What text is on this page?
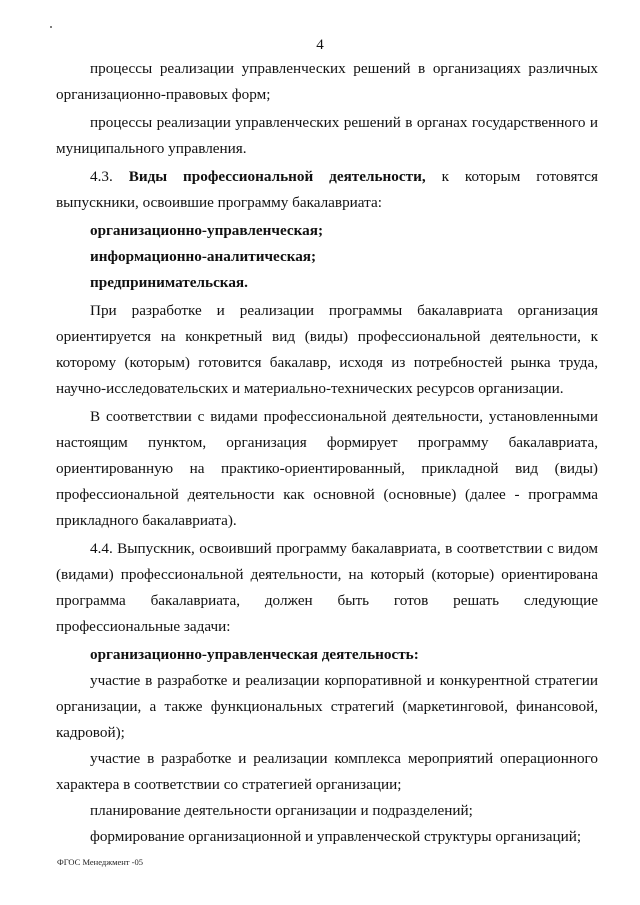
4

процессы реализации управленческих решений в организациях различных организационно-правовых форм;

процессы реализации управленческих решений в органах государственного и муниципального управления.

4.3. Виды профессиональной деятельности, к которым готовятся выпускники, освоившие программу бакалавриата:

организационно-управленческая;

информационно-аналитическая;

предпринимательская.

При разработке и реализации программы бакалавриата организация ориентируется на конкретный вид (виды) профессиональной деятельности, к которому (которым) готовится бакалавр, исходя из потребностей рынка труда, научно-исследовательских и материально-технических ресурсов организации.

В соответствии с видами профессиональной деятельности, установленными настоящим пунктом, организация формирует программу бакалавриата, ориентированную на практико-ориентированный, прикладной вид (виды) профессиональной деятельности как основной (основные) (далее - программа прикладного бакалавриата).

4.4. Выпускник, освоивший программу бакалавриата, в соответствии с видом (видами) профессиональной деятельности, на который (которые) ориентирована программа бакалавриата, должен быть готов решать следующие профессиональные задачи:

организационно-управленческая деятельность:

участие в разработке и реализации корпоративной и конкурентной стратегии организации, а также функциональных стратегий (маркетинговой, финансовой, кадровой);

участие в разработке и реализации комплекса мероприятий операционного характера в соответствии со стратегией организации;

планирование деятельности организации и подразделений;

формирование организационной и управленческой структуры организаций;

ФГОС Менеджмент -05
